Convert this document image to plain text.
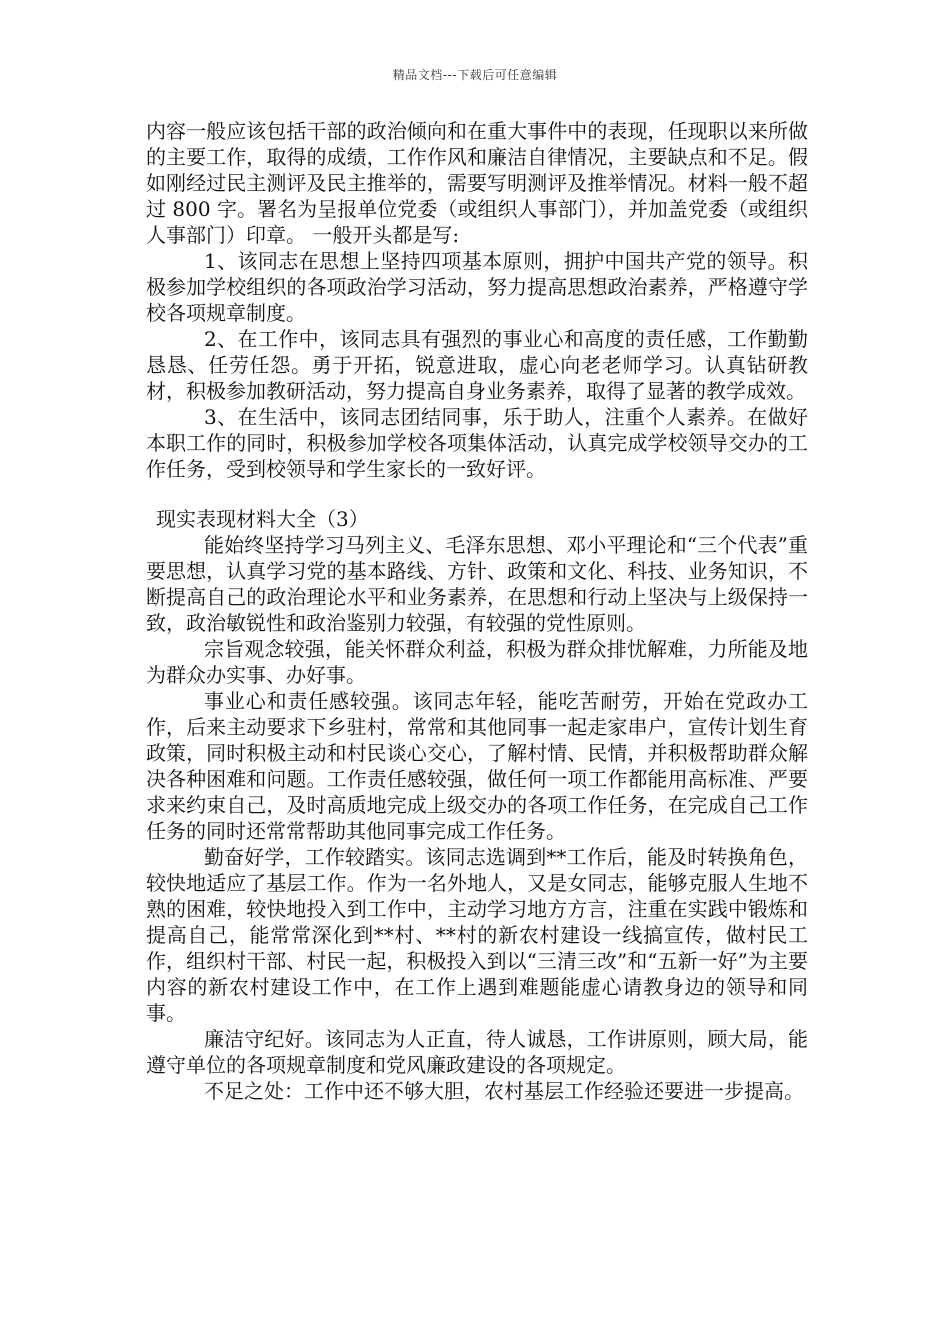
精品文档---下载后可任意编辑

内容一般应该包括干部的政治倾向和在重大事件中的表现，任现职以来所做的主要工作，取得的成绩，工作作风和廉洁自律情况，主要缺点和不足。假如刚经过民主测评及民主推举的，需要写明测评及推举情况。材料一般不超过 800 字。署名为呈报单位党委（或组织人事部门），并加盖党委（或组织人事部门）印章。 一般开头都是写:

1、该同志在思想上坚持四项基本原则，拥护中国共产党的领导。积极参加学校组织的各项政治学习活动，努力提高思想政治素养，严格遵守学校各项规章制度。

2、在工作中，该同志具有强烈的事业心和高度的责任感，工作勤勤恳恳、任劳任怨。勇于开拓，锐意进取，虚心向老老师学习。认真钻研教材，积极参加教研活动，努力提高自身业务素养，取得了显著的教学成效。

3、在生活中，该同志团结同事，乐于助人，注重个人素养。在做好本职工作的同时，积极参加学校各项集体活动，认真完成学校领导交办的工作任务，受到校领导和学生家长的一致好评。

现实表现材料大全（3）

能始终坚持学习马列主义、毛泽东思想、邓小平理论和“三个代表”重要思想，认真学习党的基本路线、方针、政策和文化、科技、业务知识，不断提高自己的政治理论水平和业务素养，在思想和行动上坚决与上级保持一致，政治敏锐性和政治鉴别力较强，有较强的党性原则。

宗旨观念较强，能关怀群众利益，积极为群众排忧解难，力所能及地为群众办实事、办好事。

事业心和责任感较强。该同志年轻，能吃苦耐劳，开始在党政办工作，后来主动要求下乡驻村，常常和其他同事一起走家串户，宣传计划生育政策，同时积极主动和村民谈心交心，了解村情、民情，并积极帮助群众解决各种困难和问题。工作责任感较强，做任何一项工作都能用高标准、严要求来约束自己，及时高质地完成上级交办的各项工作任务，在完成自己工作任务的同时还常常帮助其他同事完成工作任务。

勤奋好学，工作较踏实。该同志选调到**工作后，能及时转换角色，较快地适应了基层工作。作为一名外地人，又是女同志，能够克服人生地不熟的困难，较快地投入到工作中，主动学习地方方言，注重在实践中锻炼和提高自己，能常常深化到**村、**村的新农村建设一线搞宣传，做村民工作，组织村干部、村民一起，积极投入到以“三清三改”和“五新一好”为主要内容的新农村建设工作中，在工作上遇到难题能虚心请教身边的领导和同事。

廉洁守纪好。该同志为人正直，待人诚恳，工作讲原则，顾大局，能遵守单位的各项规章制度和党风廉政建设的各项规定。

不足之处：工作中还不够大胆，农村基层工作经验还要进一步提高。
